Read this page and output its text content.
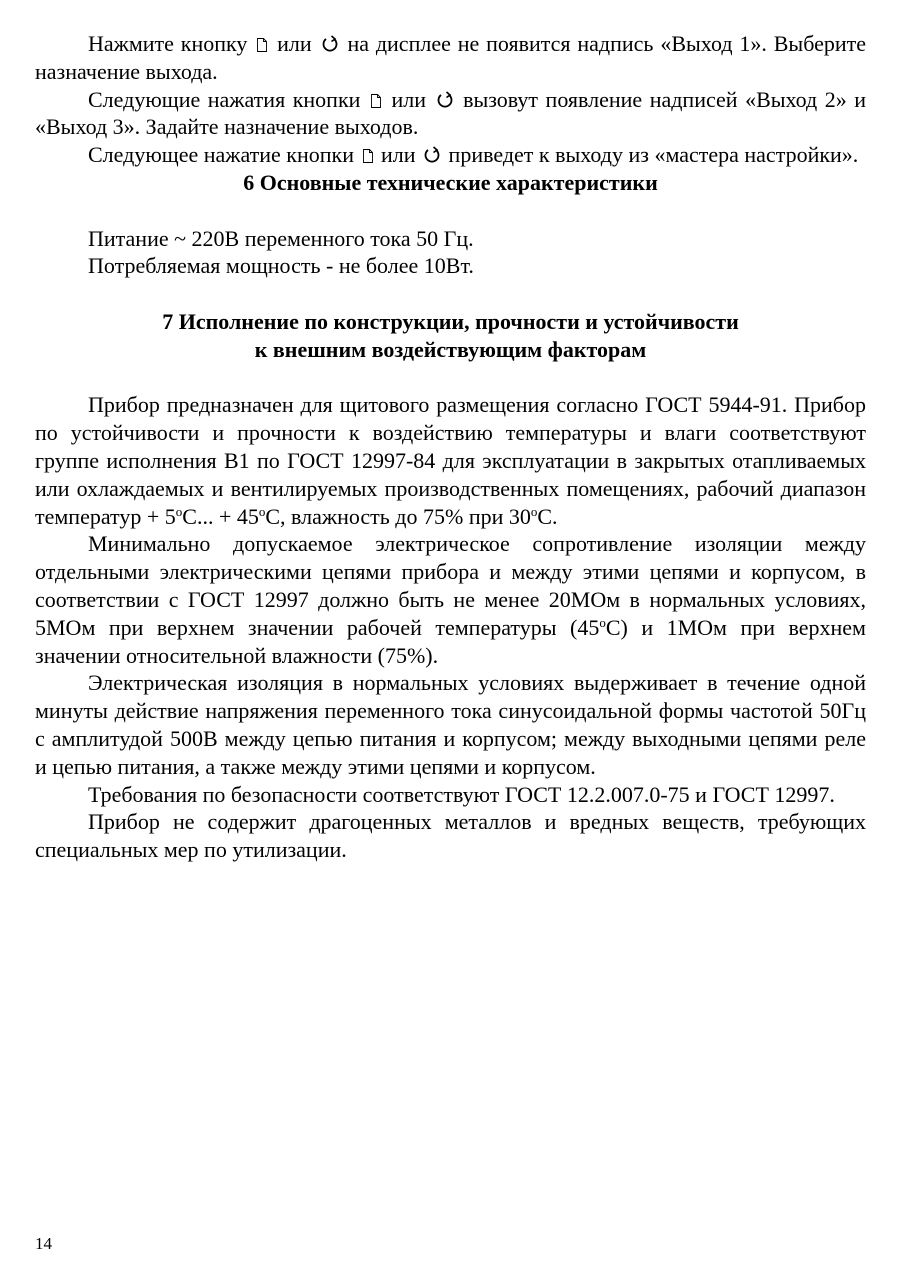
Нажмите кнопку или на дисплее не появится надпись «Выход 1». Выберите назначение выхода.

Следующие нажатия кнопки или вызовут появление надписей «Выход 2» и «Выход 3». Задайте назначение выходов.

Следующее нажатие кнопки или приведет к выходу из «мастера настройки».

6 Основные технические характеристики

Питание ~ 220В переменного тока 50 Гц.

Потребляемая мощность - не более 10Вт.

7 Исполнение по конструкции, прочности и устойчивости
к внешним воздействующим факторам

Прибор предназначен для щитового размещения согласно ГОСТ 5944-91. Прибор по устойчивости и прочности к воздействию температуры и влаги соответствуют группе исполнения В1 по ГОСТ 12997-84 для эксплуатации в закрытых отапливаемых или охлаждаемых и вентилируемых производственных помещениях, рабочий диапазон температур + $5^oС$... + $45^oС$, влажность до 75% при 30$^o$С.

Минимально допускаемое электрическое сопротивление изоляции между отдельными электрическими цепями прибора и между этими цепями и корпусом, в соответствии с ГОСТ 12997 должно быть не менее 20МОм в нормальных условиях, 5МОм при верхнем значении рабочей температуры (45$^o$С) и 1МОм при верхнем значении относительной влажности (75%).

Электрическая изоляция в нормальных условиях выдерживает в течение одной минуты действие напряжения переменного тока синусоидальной формы частотой 50Гц с амплитудой 500В между цепью питания и корпусом; между выходными цепями реле и цепью питания, а также между этими цепями и корпусом.

Требования по безопасности соответствуют ГОСТ 12.2.007.0-75 и ГОСТ 12997.

Прибор не содержит драгоценных металлов и вредных веществ, требующих специальных мер по утилизации.

14
